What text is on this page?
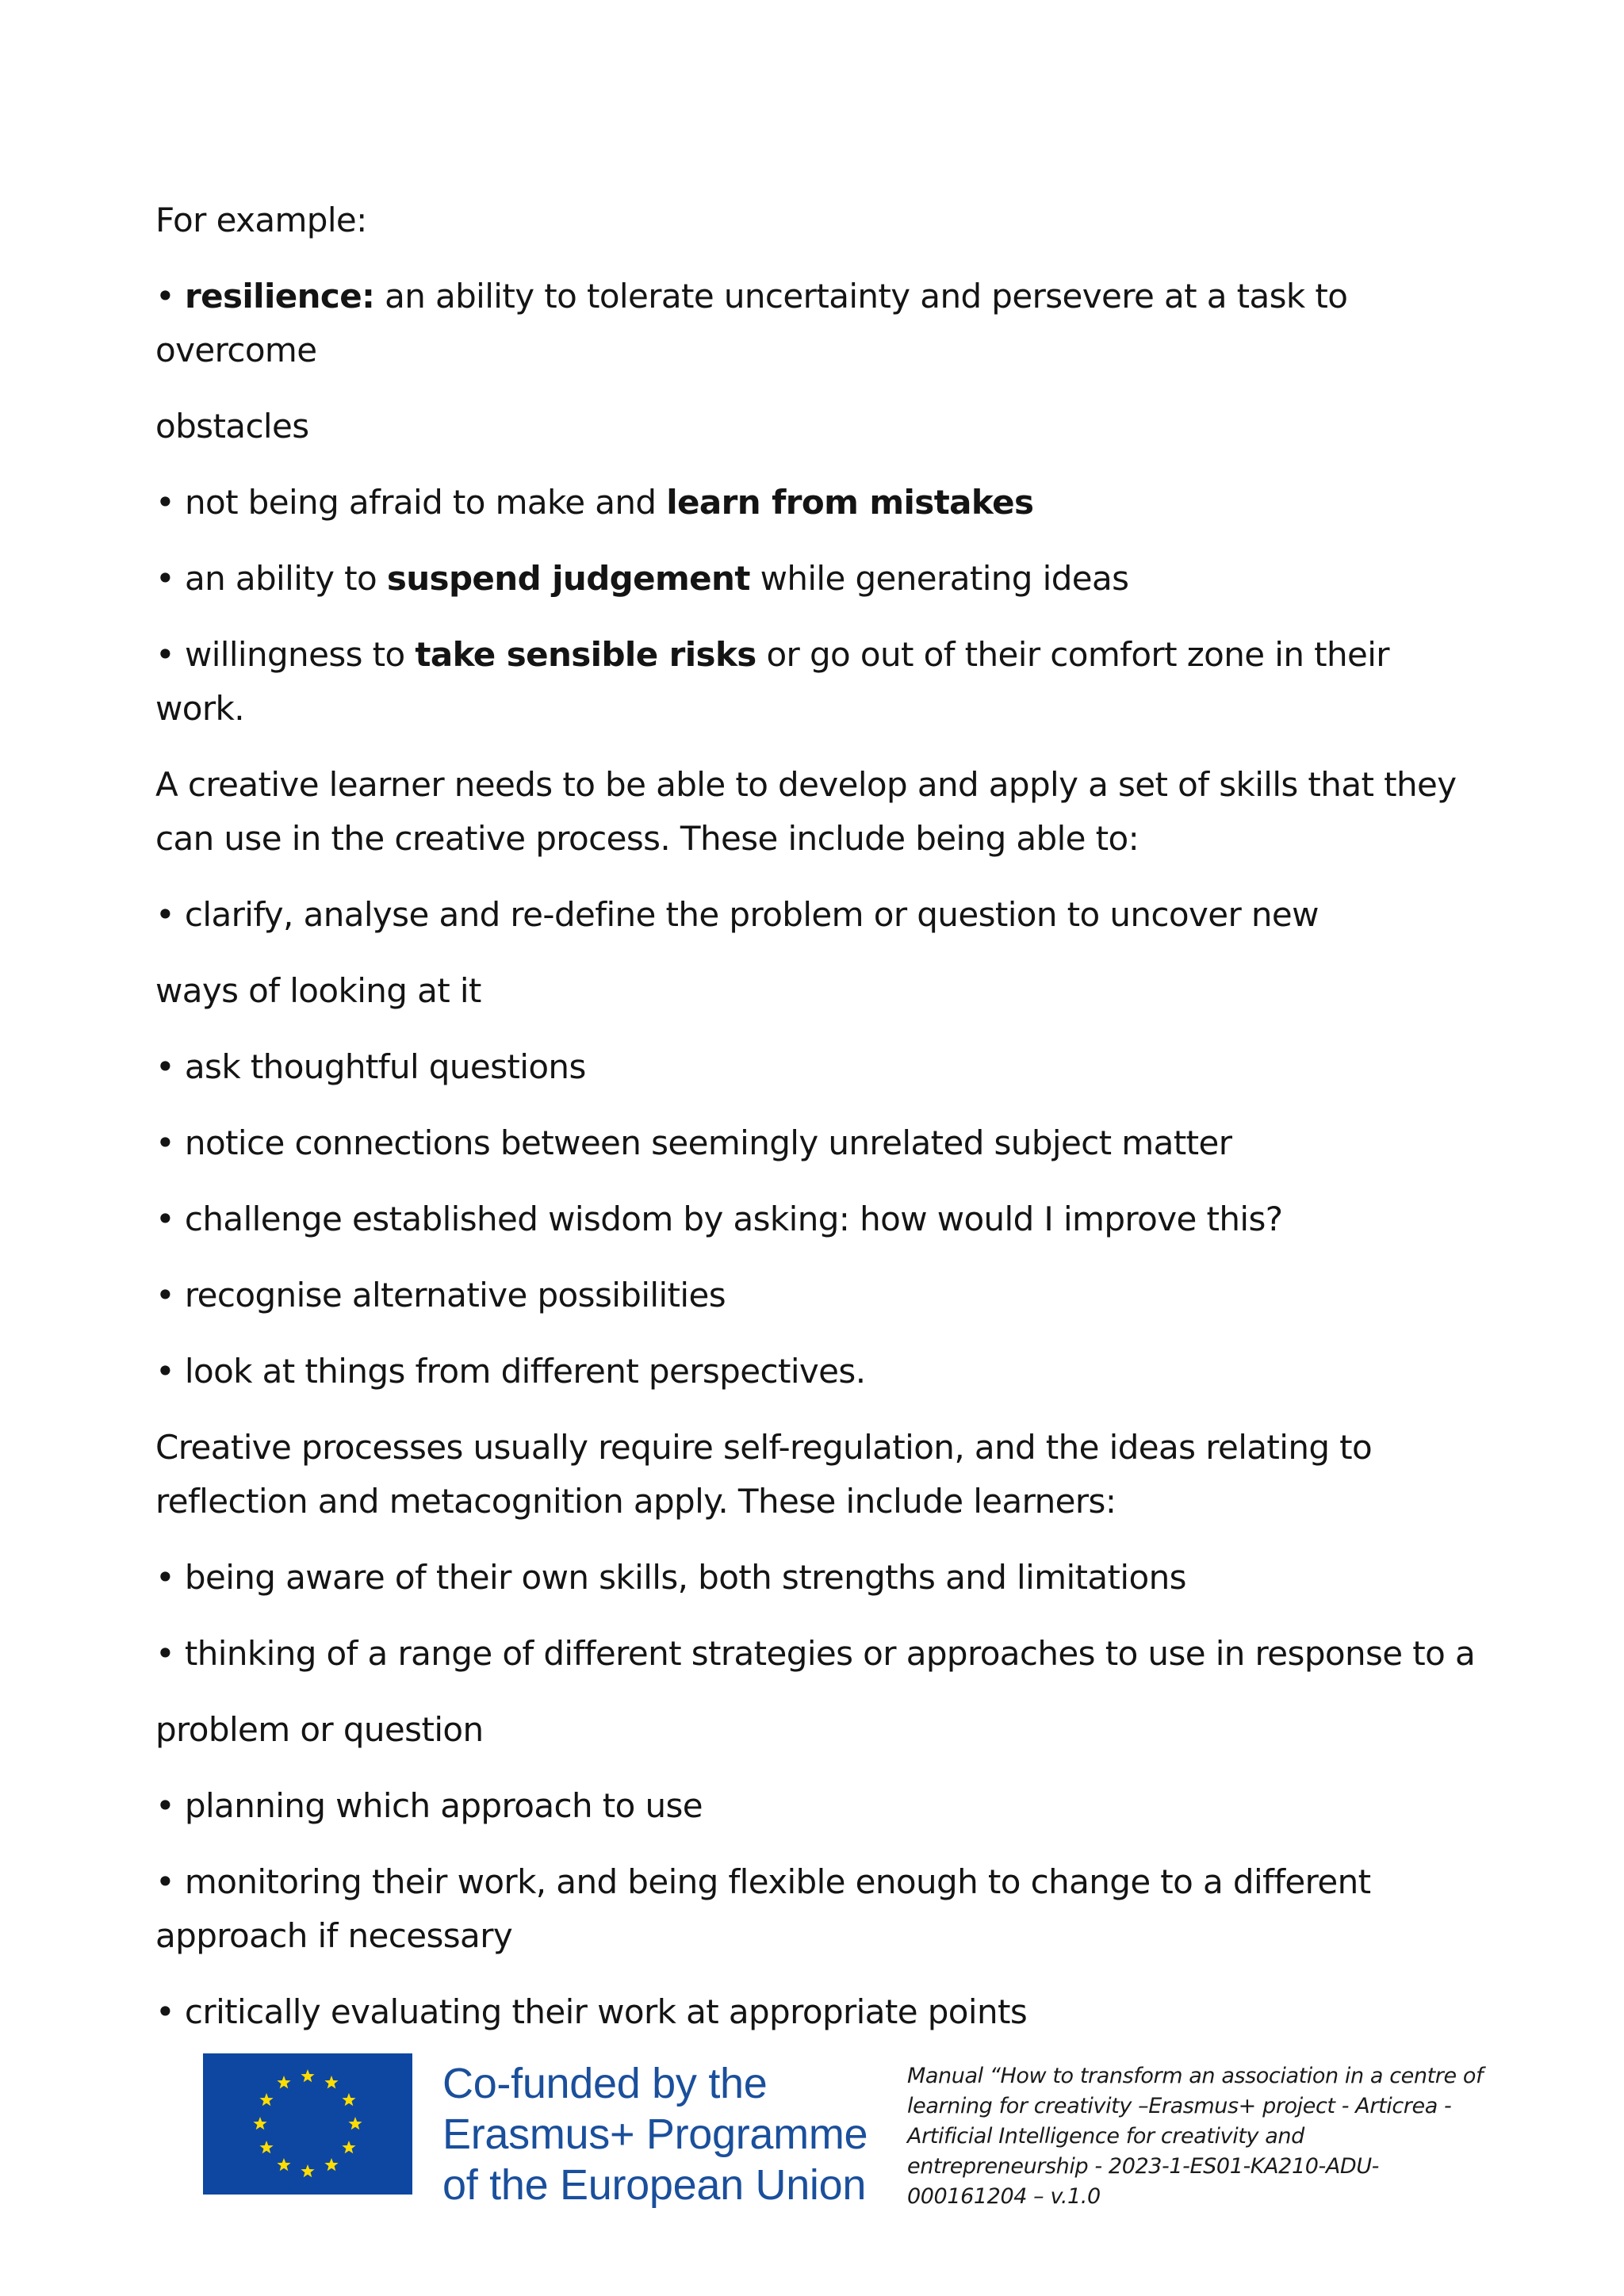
For example:

• resilience: an ability to tolerate uncertainty and persevere at a task to overcome

obstacles

• not being afraid to make and learn from mistakes

• an ability to suspend judgement while generating ideas

• willingness to take sensible risks or go out of their comfort zone in their work.

A creative learner needs to be able to develop and apply a set of skills that they can use in the creative process. These include being able to:

• clarify, analyse and re-define the problem or question to uncover new

ways of looking at it

• ask thoughtful questions

• notice connections between seemingly unrelated subject matter

• challenge established wisdom by asking: how would I improve this?

• recognise alternative possibilities

• look at things from different perspectives.

Creative processes usually require self-regulation, and the ideas relating to reflection and metacognition apply. These include learners:

• being aware of their own skills, both strengths and limitations

• thinking of a range of different strategies or approaches to use in response to a

problem or question

• planning which approach to use

• monitoring their work, and being flexible enough to change to a different approach if necessary

• critically evaluating their work at appropriate points

Co-funded by the
Erasmus+ Programme
of the European Union
Manual “How to transform an association in a centre of learning for creativity –Erasmus+ project - Articrea - Artificial Intelligence for creativity and entrepreneurship - 2023-1-ES01-KA210-ADU-000161204 – v.1.0
